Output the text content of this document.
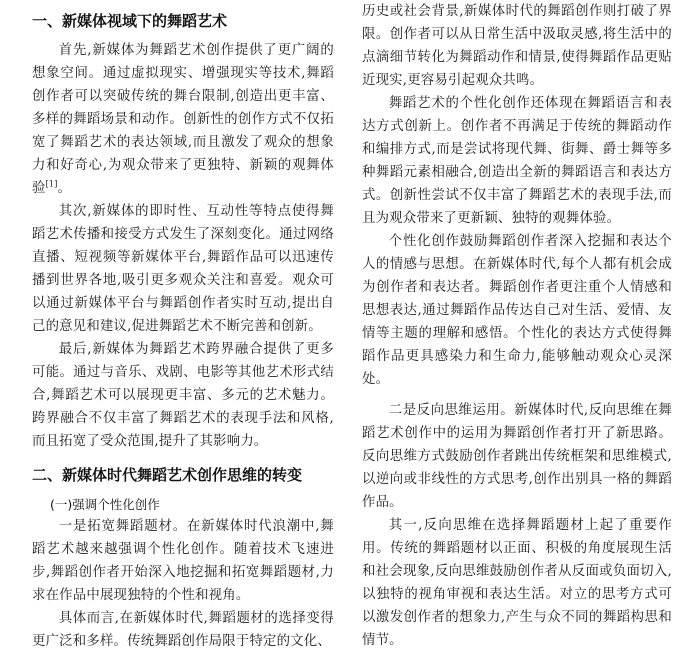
一、新媒体视域下的舞蹈艺术

首先,新媒体为舞蹈艺术创作提供了更广阔的想象空间。通过虚拟现实、增强现实等技术,舞蹈创作者可以突破传统的舞台限制,创造出更丰富、多样的舞蹈场景和动作。创新性的创作方式不仅拓宽了舞蹈艺术的表达领域,而且激发了观众的想象力和好奇心,为观众带来了更独特、新颖的观舞体验[1]。

其次,新媒体的即时性、互动性等特点使得舞蹈艺术传播和接受方式发生了深刻变化。通过网络直播、短视频等新媒体平台,舞蹈作品可以迅速传播到世界各地,吸引更多观众关注和喜爱。观众可以通过新媒体平台与舞蹈创作者实时互动,提出自己的意见和建议,促进舞蹈艺术不断完善和创新。

最后,新媒体为舞蹈艺术跨界融合提供了更多可能。通过与音乐、戏剧、电影等其他艺术形式结合,舞蹈艺术可以展现更丰富、多元的艺术魅力。跨界融合不仅丰富了舞蹈艺术的表现手法和风格,而且拓宽了受众范围,提升了其影响力。

二、新媒体时代舞蹈艺术创作思维的转变
(一)强调个性化创作

一是拓宽舞蹈题材。在新媒体时代浪潮中,舞蹈艺术越来越强调个性化创作。随着技术飞速进步,舞蹈创作者开始深入地挖掘和拓宽舞蹈题材,力求在作品中展现独特的个性和视角。

具体而言,在新媒体时代,舞蹈题材的选择变得更广泛和多样。传统舞蹈创作局限于特定的文化、

历史或社会背景,新媒体时代的舞蹈创作则打破了界限。创作者可以从日常生活中汲取灵感,将生活中的点滴细节转化为舞蹈动作和情景,使得舞蹈作品更贴近现实,更容易引起观众共鸣。

舞蹈艺术的个性化创作还体现在舞蹈语言和表达方式创新上。创作者不再满足于传统的舞蹈动作和编排方式,而是尝试将现代舞、街舞、爵士舞等多种舞蹈元素相融合,创造出全新的舞蹈语言和表达方式。创新性尝试不仅丰富了舞蹈艺术的表现手法,而且为观众带来了更新颖、独特的观舞体验。

个性化创作鼓励舞蹈创作者深入挖掘和表达个人的情感与思想。在新媒体时代,每个人都有机会成为创作者和表达者。舞蹈创作者更注重个人情感和思想表达,通过舞蹈作品传达自己对生活、爱情、友情等主题的理解和感悟。个性化的表达方式使得舞蹈作品更具感染力和生命力,能够触动观众心灵深处。

二是反向思维运用。新媒体时代,反向思维在舞蹈艺术创作中的运用为舞蹈创作者打开了新思路。反向思维方式鼓励创作者跳出传统框架和思维模式,以逆向或非线性的方式思考,创作出别具一格的舞蹈作品。

其一,反向思维在选择舞蹈题材上起了重要作用。传统的舞蹈题材以正面、积极的角度展现生活和社会现象,反向思维鼓励创作者从反面或负面切入,以独特的视角审视和表达生活。对立的思考方式可以激发创作者的想象力,产生与众不同的舞蹈构思和情节。
